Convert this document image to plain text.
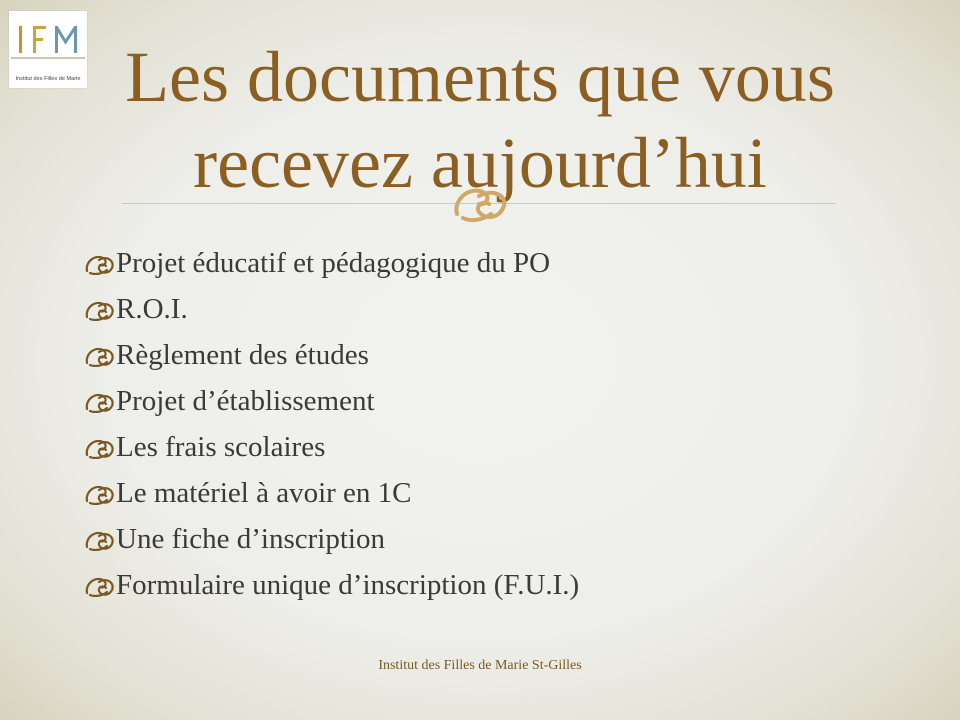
Institut des Filles de Marie Les documents que vous
recevez aujourd’hui
Projet éducatif et pédagogique du PO
R.O.I.
Règlement des études
Projet d’établissement
Les frais scolaires
Le matériel à avoir en 1C
Une fiche d’inscription
Formulaire unique d’inscription (F.U.I.)
Institut des Filles de Marie St-Gilles
